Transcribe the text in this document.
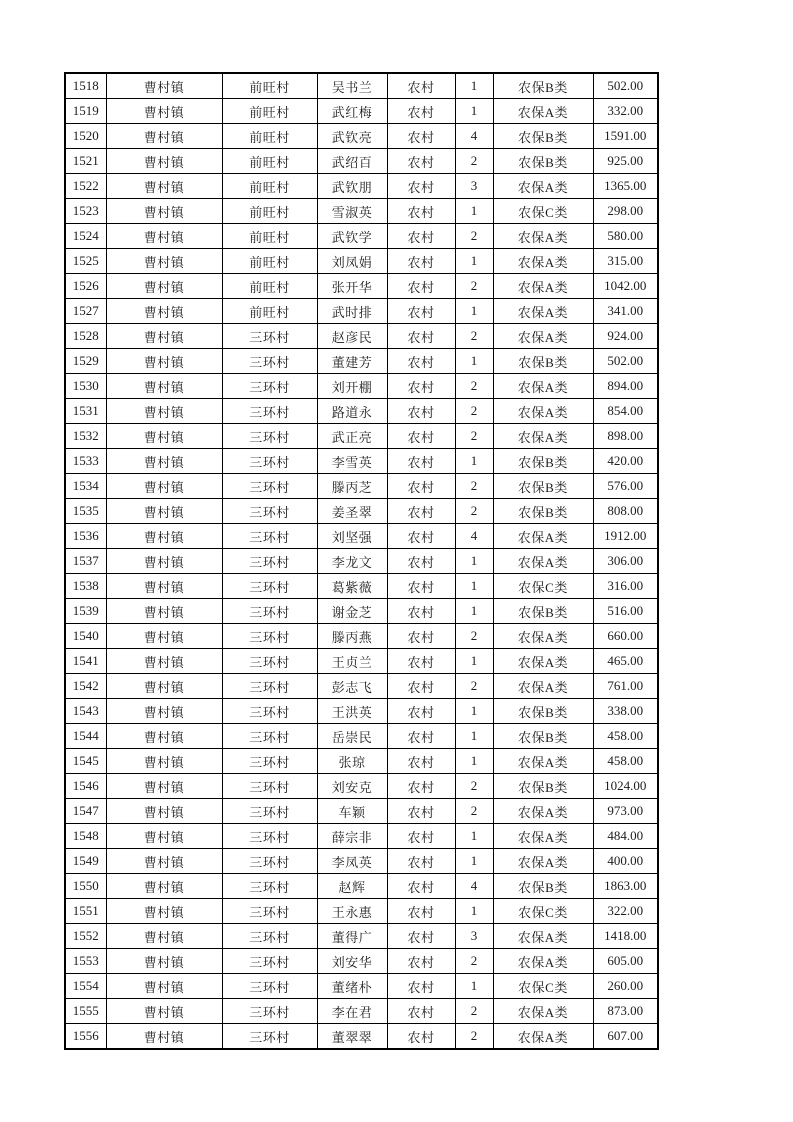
1518	曹村镇	前旺村	吴书兰	农村	1	农保B类	502.00
1519	曹村镇	前旺村	武红梅	农村	1	农保A类	332.00
1520	曹村镇	前旺村	武钦亮	农村	4	农保B类	1591.00
1521	曹村镇	前旺村	武绍百	农村	2	农保B类	925.00
1522	曹村镇	前旺村	武钦朋	农村	3	农保A类	1365.00
1523	曹村镇	前旺村	雪淑英	农村	1	农保C类	298.00
1524	曹村镇	前旺村	武钦学	农村	2	农保A类	580.00
1525	曹村镇	前旺村	刘凤娟	农村	1	农保A类	315.00
1526	曹村镇	前旺村	张开华	农村	2	农保A类	1042.00
1527	曹村镇	前旺村	武时排	农村	1	农保A类	341.00
1528	曹村镇	三环村	赵彦民	农村	2	农保A类	924.00
1529	曹村镇	三环村	董建芳	农村	1	农保B类	502.00
1530	曹村镇	三环村	刘开棚	农村	2	农保A类	894.00
1531	曹村镇	三环村	路道永	农村	2	农保A类	854.00
1532	曹村镇	三环村	武正亮	农村	2	农保A类	898.00
1533	曹村镇	三环村	李雪英	农村	1	农保B类	420.00
1534	曹村镇	三环村	滕丙芝	农村	2	农保B类	576.00
1535	曹村镇	三环村	姜圣翠	农村	2	农保B类	808.00
1536	曹村镇	三环村	刘坚强	农村	4	农保A类	1912.00
1537	曹村镇	三环村	李龙文	农村	1	农保A类	306.00
1538	曹村镇	三环村	葛紫薇	农村	1	农保C类	316.00
1539	曹村镇	三环村	谢金芝	农村	1	农保B类	516.00
1540	曹村镇	三环村	滕丙燕	农村	2	农保A类	660.00
1541	曹村镇	三环村	王贞兰	农村	1	农保A类	465.00
1542	曹村镇	三环村	彭志飞	农村	2	农保A类	761.00
1543	曹村镇	三环村	王洪英	农村	1	农保B类	338.00
1544	曹村镇	三环村	岳崇民	农村	1	农保B类	458.00
1545	曹村镇	三环村	张琼	农村	1	农保A类	458.00
1546	曹村镇	三环村	刘安克	农村	2	农保B类	1024.00
1547	曹村镇	三环村	车颖	农村	2	农保A类	973.00
1548	曹村镇	三环村	薛宗非	农村	1	农保A类	484.00
1549	曹村镇	三环村	李凤英	农村	1	农保A类	400.00
1550	曹村镇	三环村	赵辉	农村	4	农保B类	1863.00
1551	曹村镇	三环村	王永惠	农村	1	农保C类	322.00
1552	曹村镇	三环村	董得广	农村	3	农保A类	1418.00
1553	曹村镇	三环村	刘安华	农村	2	农保A类	605.00
1554	曹村镇	三环村	董绪朴	农村	1	农保C类	260.00
1555	曹村镇	三环村	李在君	农村	2	农保A类	873.00
1556	曹村镇	三环村	董翠翠	农村	2	农保A类	607.00
